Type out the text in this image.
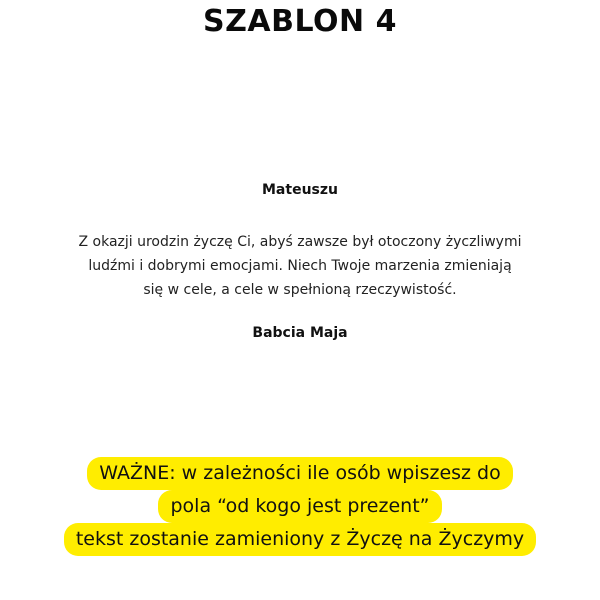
SZABLON 4
Mateuszu
Z okazji urodzin życzę Ci, abyś zawsze był otoczony życzliwymi
ludźmi i dobrymi emocjami. Niech Twoje marzenia zmieniają
się w cele, a cele w spełnioną rzeczywistość.
Babcia Maja
WAŻNE: w zależności ile osób wpiszesz do
pola “od kogo jest prezent”
tekst zostanie zamieniony z Życzę na Życzymy
